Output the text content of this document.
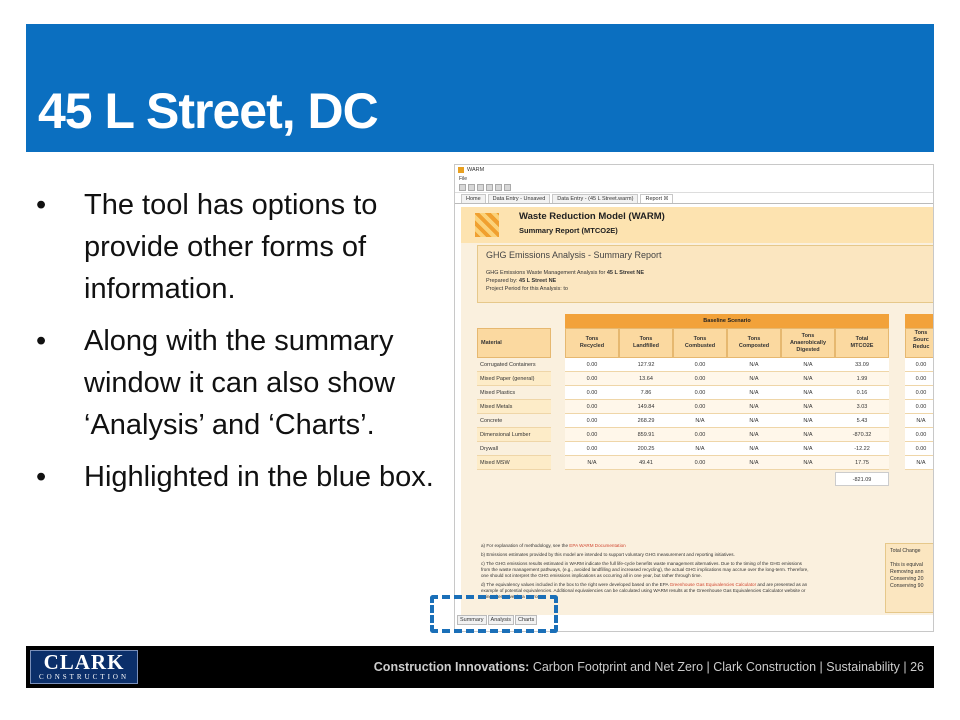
45 L Street, DC
• The tool has options to provide other forms of information.
• Along with the summary window it can also show ‘Analysis’ and ‘Charts’.
• Highlighted in the blue box.
WARM
File
Home	Data Entry - Unsaved	Data Entry - (45 L Street.warm)	Report ☒
Waste Reduction Model (WARM)
Summary Report (MTCO2E)
GHG Emissions Analysis - Summary Report
GHG Emissions Waste Management Analysis for 45 L Street NE
Prepared by: 45 L Street NE
Project Period for this Analysis: to
Baseline Scenario
Material
Tons
Recycled
Tons
Landfilled
Tons
Combusted
Tons
Composted
Tons
Anaerobically
Digested
Total
MTCO2E
Tons
Sourc
Reduc
Corrugated Containers	0.00	127.92	0.00	N/A	N/A	33.09	0.00
Mixed Paper (general)	0.00	13.64	0.00	N/A	N/A	1.99	0.00
Mixed Plastics	0.00	7.86	0.00	N/A	N/A	0.16	0.00
Mixed Metals	0.00	149.84	0.00	N/A	N/A	3.03	0.00
Concrete	0.00	268.29	N/A	N/A	N/A	5.43	N/A
Dimensional Lumber	0.00	859.91	0.00	N/A	N/A	-870.32	0.00
Drywall	0.00	200.25	N/A	N/A	N/A	-12.22	0.00
Mixed MSW	N/A	49.41	0.00	N/A	N/A	17.75	N/A
-821.09

a) For explanation of methodology, see the EPA WARM Documentation

b) Emissions estimates provided by this model are intended to support voluntary GHG measurement and reporting initiatives.

c) The GHG emissions results estimated in WARM indicate the full life-cycle benefits waste management alternatives. Due to the timing of the GHG emissions from the waste management pathways, (e.g., avoided landfilling and increased recycling), the actual GHG implications may accrue over the long-term. Therefore, one should not interpret the GHG emissions implications as occurring all in one year, but rather through time.

d) The equivalency values included in the box to the right were developed based on the EPA Greenhouse Gas Equivalencies Calculator and are presented as an example of potential equivalencies. Additional equivalencies can be calculated using WARM results at the Greenhouse Gas Equivalencies Calculator website or using alternative data sources.

Total Change
This is equival
Removing ann
Conserving 20
Conserving 90
Summary	Analysis	Charts
CLARK
CONSTRUCTION
Construction Innovations: Carbon Footprint and Net Zero | Clark Construction | Sustainability | 26
